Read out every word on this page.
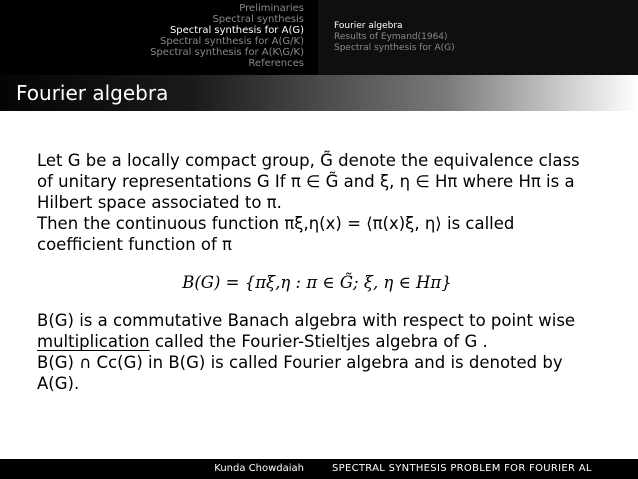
Preliminaries
Spectral synthesis
Spectral synthesis for A(G)
Spectral synthesis for A(G/K)
Spectral synthesis for A(K\G/K)
References
Fourier algebra
Results of Eymand(1964)
Spectral synthesis for A(G)
Fourier algebra
Let G be a locally compact group, G̃ denote the equivalence class
of unitary representations G If π ∈ G̃ and ξ, η ∈ Hπ where Hπ is a
Hilbert space associated to π.
Then the continuous function πξ,η(x) = ⟨π(x)ξ, η⟩ is called
coefficient function of π
B(G) = {πξ,η : π ∈ G̃; ξ, η ∈ Hπ}
B(G) is a commutative Banach algebra with respect to point wise
multiplication called the Fourier-Stieltjes algebra of G .
B(G) ∩ Cc(G) in B(G) is called Fourier algebra and is denoted by
A(G).
Kunda Chowdaiah	SPECTRAL SYNTHESIS PROBLEM FOR FOURIER AL
